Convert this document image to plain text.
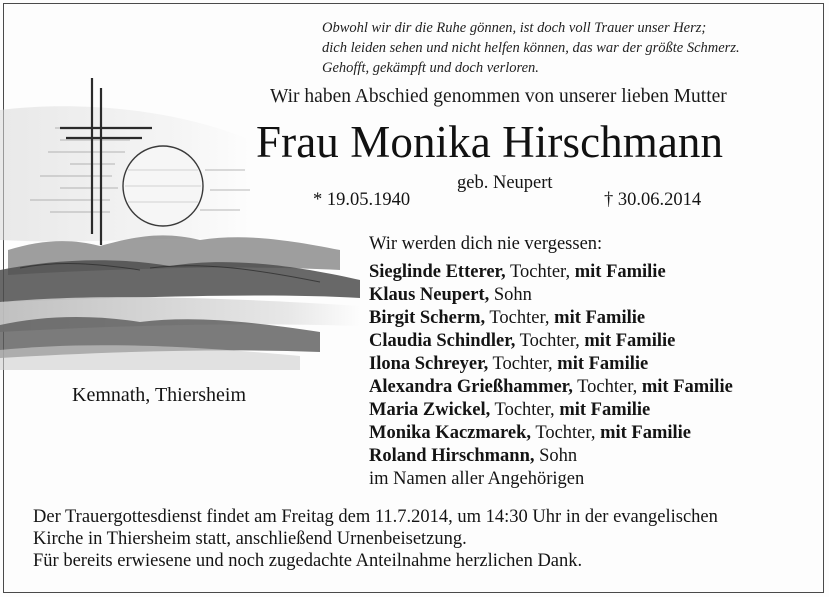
Obwohl wir dir die Ruhe gönnen, ist doch voll Trauer unser Herz;
dich leiden sehen und nicht helfen können, das war der größte Schmerz.
Gehofft, gekämpft und doch verloren.
Wir haben Abschied genommen von unserer lieben Mutter
Frau Monika Hirschmann
geb. Neupert
* 19.05.1940	† 30.06.2014
Kemnath, Thiersheim
Wir werden dich nie vergessen:
Sieglinde Etterer, Tochter, mit Familie
Klaus Neupert, Sohn
Birgit Scherm, Tochter, mit Familie
Claudia Schindler, Tochter, mit Familie
Ilona Schreyer, Tochter, mit Familie
Alexandra Grießhammer, Tochter, mit Familie
Maria Zwickel, Tochter, mit Familie
Monika Kaczmarek, Tochter, mit Familie
Roland Hirschmann, Sohn
im Namen aller Angehörigen
Der Trauergottesdienst findet am Freitag dem 11.7.2014, um 14:30 Uhr in der evangelischen
Kirche in Thiersheim statt, anschließend Urnenbeisetzung.
Für bereits erwiesene und noch zugedachte Anteilnahme herzlichen Dank.
